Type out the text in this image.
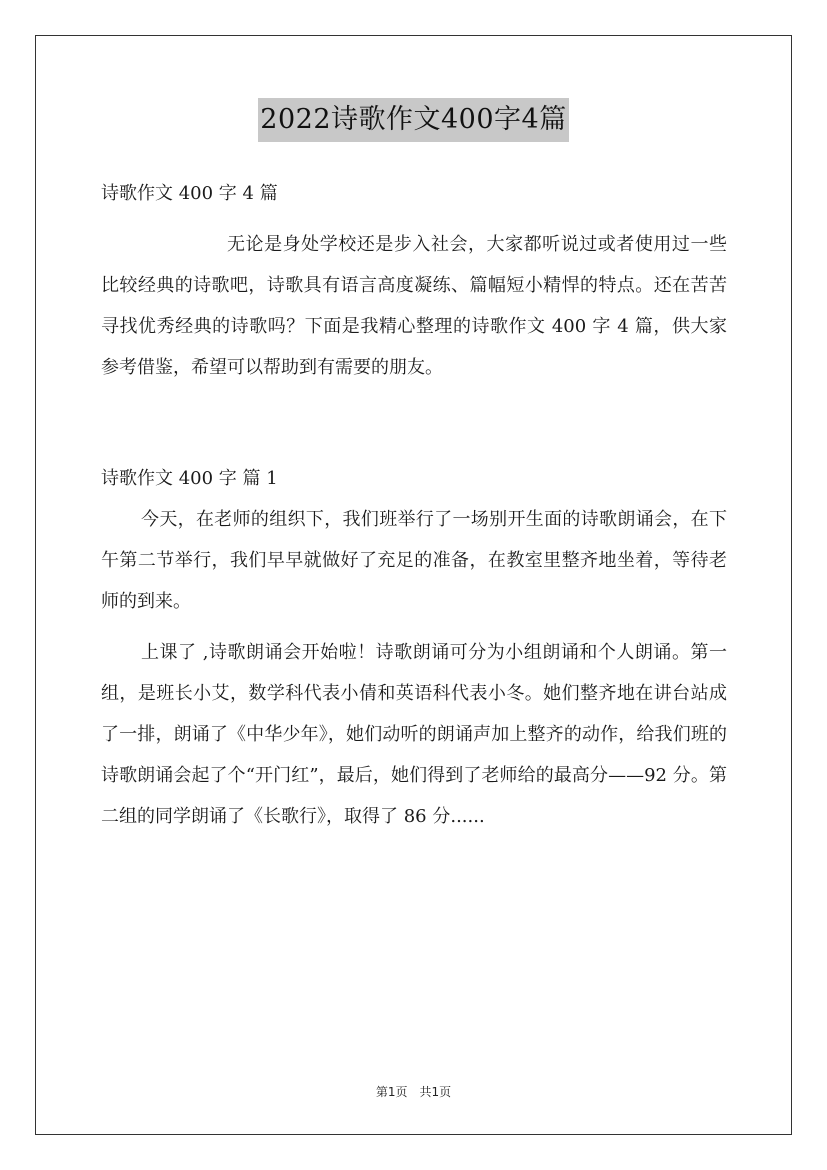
2022诗歌作文400字4篇

诗歌作文 400 字 4 篇

无论是身处学校还是步入社会，大家都听说过或者使用过一些比较经典的诗歌吧，诗歌具有语言高度凝练、篇幅短小精悍的特点。还在苦苦寻找优秀经典的诗歌吗？下面是我精心整理的诗歌作文 400 字 4 篇，供大家参考借鉴，希望可以帮助到有需要的朋友。

诗歌作文 400 字 篇 1

今天，在老师的组织下，我们班举行了一场别开生面的诗歌朗诵会，在下午第二节举行，我们早早就做好了充足的准备，在教室里整齐地坐着，等待老师的到来。

上课了 ,诗歌朗诵会开始啦！诗歌朗诵可分为小组朗诵和个人朗诵。第一组，是班长小艾，数学科代表小倩和英语科代表小冬。她们整齐地在讲台站成了一排，朗诵了《中华少年》，她们动听的朗诵声加上整齐的动作，给我们班的诗歌朗诵会起了个“开门红”，最后，她们得到了老师给的最高分——92 分。第二组的同学朗诵了《长歌行》，取得了 86 分......

第1页　共1页
